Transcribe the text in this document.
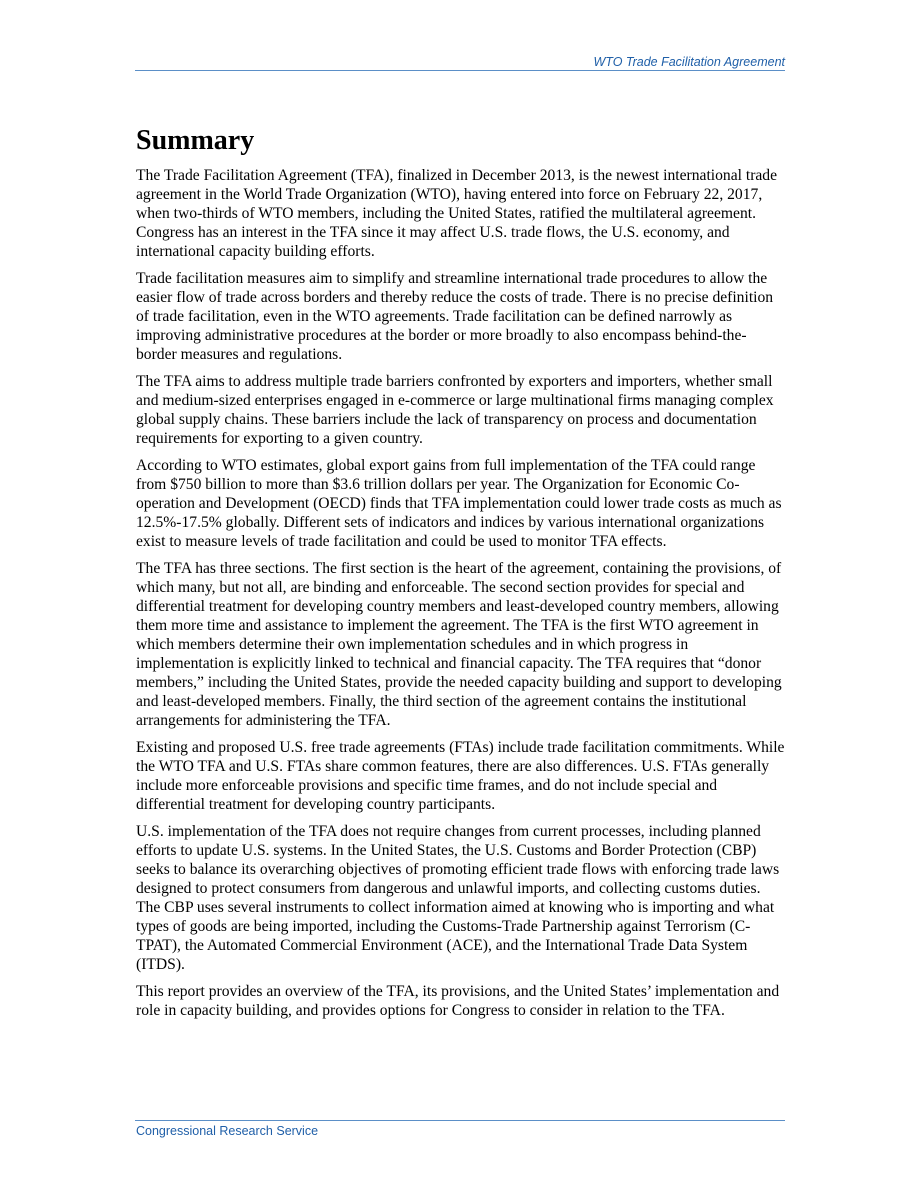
WTO Trade Facilitation Agreement
Summary

The Trade Facilitation Agreement (TFA), finalized in December 2013, is the newest international trade agreement in the World Trade Organization (WTO), having entered into force on February 22, 2017, when two-thirds of WTO members, including the United States, ratified the multilateral agreement. Congress has an interest in the TFA since it may affect U.S. trade flows, the U.S. economy, and international capacity building efforts.

Trade facilitation measures aim to simplify and streamline international trade procedures to allow the easier flow of trade across borders and thereby reduce the costs of trade. There is no precise definition of trade facilitation, even in the WTO agreements. Trade facilitation can be defined narrowly as improving administrative procedures at the border or more broadly to also encompass behind-the-border measures and regulations.

The TFA aims to address multiple trade barriers confronted by exporters and importers, whether small and medium-sized enterprises engaged in e-commerce or large multinational firms managing complex global supply chains. These barriers include the lack of transparency on process and documentation requirements for exporting to a given country.

According to WTO estimates, global export gains from full implementation of the TFA could range from $750 billion to more than $3.6 trillion dollars per year. The Organization for Economic Co-operation and Development (OECD) finds that TFA implementation could lower trade costs as much as 12.5%-17.5% globally. Different sets of indicators and indices by various international organizations exist to measure levels of trade facilitation and could be used to monitor TFA effects.

The TFA has three sections. The first section is the heart of the agreement, containing the provisions, of which many, but not all, are binding and enforceable. The second section provides for special and differential treatment for developing country members and least-developed country members, allowing them more time and assistance to implement the agreement. The TFA is the first WTO agreement in which members determine their own implementation schedules and in which progress in implementation is explicitly linked to technical and financial capacity. The TFA requires that “donor members,” including the United States, provide the needed capacity building and support to developing and least-developed members. Finally, the third section of the agreement contains the institutional arrangements for administering the TFA.

Existing and proposed U.S. free trade agreements (FTAs) include trade facilitation commitments. While the WTO TFA and U.S. FTAs share common features, there are also differences. U.S. FTAs generally include more enforceable provisions and specific time frames, and do not include special and differential treatment for developing country participants.

U.S. implementation of the TFA does not require changes from current processes, including planned efforts to update U.S. systems. In the United States, the U.S. Customs and Border Protection (CBP) seeks to balance its overarching objectives of promoting efficient trade flows with enforcing trade laws designed to protect consumers from dangerous and unlawful imports, and collecting customs duties. The CBP uses several instruments to collect information aimed at knowing who is importing and what types of goods are being imported, including the Customs-Trade Partnership against Terrorism (C-TPAT), the Automated Commercial Environment (ACE), and the International Trade Data System (ITDS).

This report provides an overview of the TFA, its provisions, and the United States’ implementation and role in capacity building, and provides options for Congress to consider in relation to the TFA.

Congressional Research Service
